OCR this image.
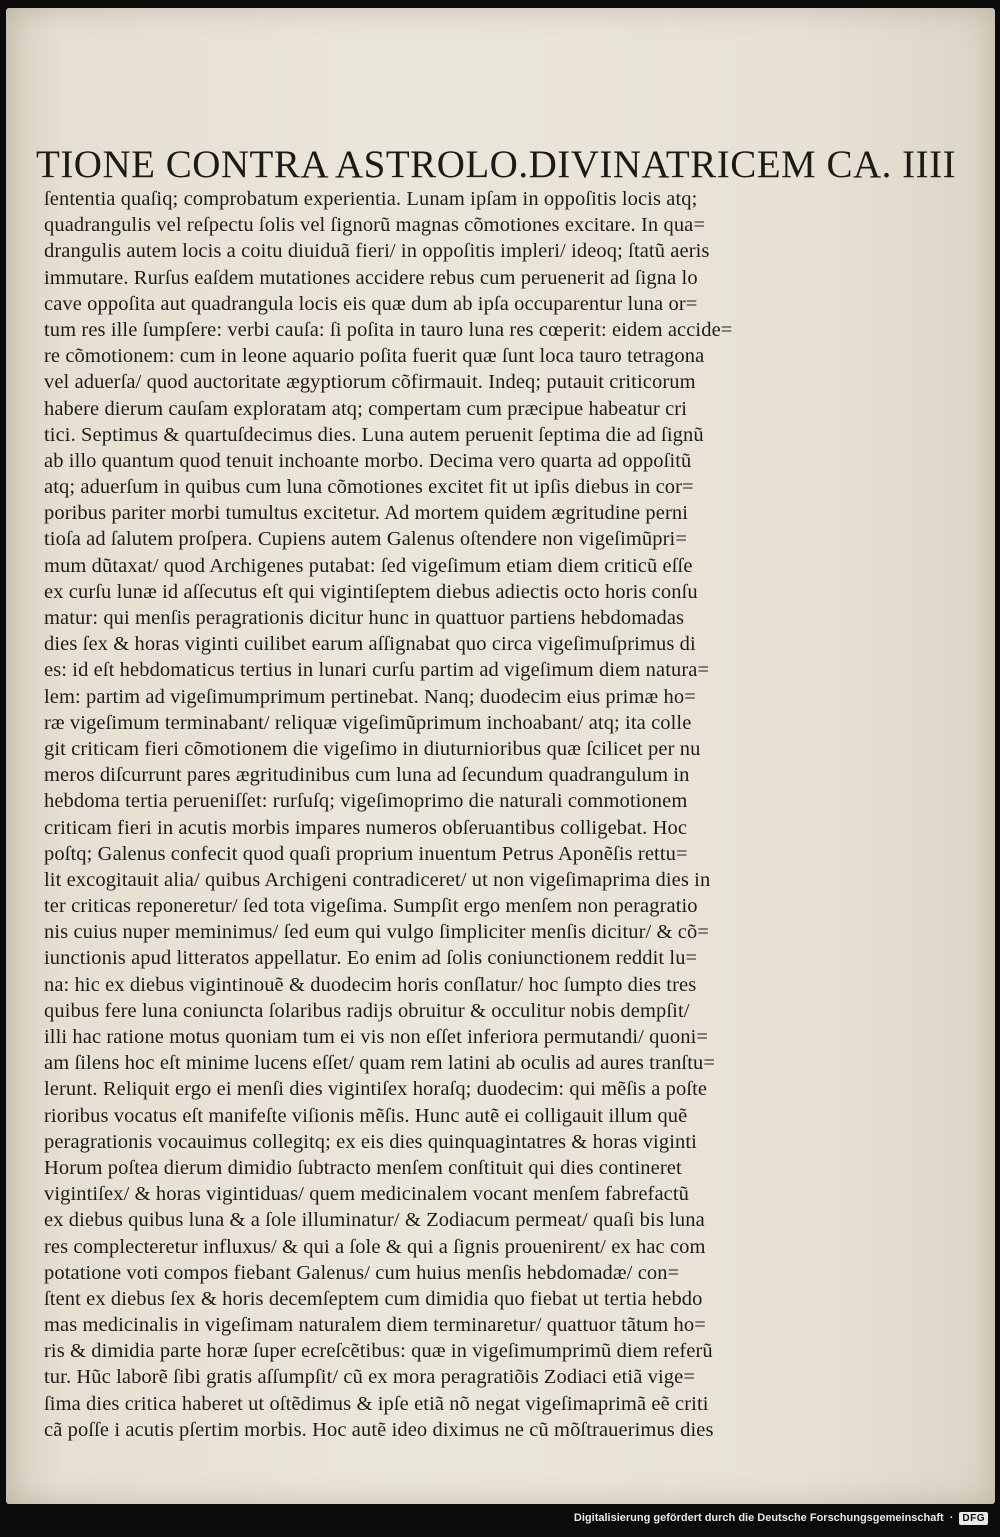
TIONE CONTRA ASTROLO.DIVINATRICEM CA. IIII
ſententia quaſiq; comprobatum experientia. Lunam ipſam in oppoſitis locis atq;
quadrangulis vel reſpectu ſolis vel ſignorũ magnas cõmotiones excitare. In qua=
drangulis autem locis a coitu diuiduã fieri/ in oppoſitis impleri/ ideoq; ſtatũ aeris
immutare. Rurſus eaſdem mutationes accidere rebus cum peruenerit ad ſigna lo
cave oppoſita aut quadrangula locis eis quæ dum ab ipſa occuparentur luna or=
tum res ille ſumpſere: verbi cauſa: ſi poſita in tauro luna res cœperit: eidem accide=
re cõmotionem: cum in leone aquario poſita fuerit quæ ſunt loca tauro tetragona
vel aduerſa/ quod auctoritate ægyptiorum cõfirmauit. Indeq; putauit criticorum
habere dierum cauſam exploratam atq; compertam cum præcipue habeatur cri
tici. Septimus & quartuſdecimus dies. Luna autem peruenit ſeptima die ad ſignũ
ab illo quantum quod tenuit inchoante morbo. Decima vero quarta ad oppoſitũ
atq; aduerſum in quibus cum luna cõmotiones excitet fit ut ipſis diebus in cor=
poribus pariter morbi tumultus excitetur. Ad mortem quidem ægritudine perni
tioſa ad ſalutem proſpera. Cupiens autem Galenus oſtendere non vigeſimũpri=
mum dũtaxat/ quod Archigenes putabat: ſed vigeſimum etiam diem criticũ eſſe
ex curſu lunæ id aſſecutus eſt qui vigintiſeptem diebus adiectis octo horis conſu
matur: qui menſis peragrationis dicitur hunc in quattuor partiens hebdomadas
dies ſex & horas viginti cuilibet earum aſſignabat quo circa vigeſimuſprimus di
es: id eſt hebdomaticus tertius in lunari curſu partim ad vigeſimum diem natura=
lem: partim ad vigeſimumprimum pertinebat. Nanq; duodecim eius primæ ho=
ræ vigeſimum terminabant/ reliquæ vigeſimũprimum inchoabant/ atq; ita colle
git criticam fieri cõmotionem die vigeſimo in diuturnioribus quæ ſcilicet per nu
meros diſcurrunt pares ægritudinibus cum luna ad ſecundum quadrangulum in
hebdoma tertia perueniſſet: rurſuſq; vigeſimoprimo die naturali commotionem
criticam fieri in acutis morbis impares numeros obſeruantibus colligebat. Hoc
poſtq; Galenus confecit quod quaſi proprium inuentum Petrus Aponẽſis rettu=
lit excogitauit alia/ quibus Archigeni contradiceret/ ut non vigeſimaprima dies in
ter criticas reponeretur/ ſed tota vigeſima. Sumpſit ergo menſem non peragratio
nis cuius nuper meminimus/ ſed eum qui vulgo ſimpliciter menſis dicitur/ & cõ=
iunctionis apud litteratos appellatur. Eo enim ad ſolis coniunctionem reddit lu=
na: hic ex diebus vigintinouẽ & duodecim horis conſlatur/ hoc ſumpto dies tres
quibus fere luna coniuncta ſolaribus radijs obruitur & occulitur nobis dempſit/
illi hac ratione motus quoniam tum ei vis non eſſet inferiora permutandi/ quoni=
am ſilens hoc eſt minime lucens eſſet/ quam rem latini ab oculis ad aures tranſtu=
lerunt. Reliquit ergo ei menſi dies vigintiſex horaſq; duodecim: qui mẽſis a poſte
rioribus vocatus eſt manifeſte viſionis mẽſis. Hunc autẽ ei colligauit illum quẽ
peragrationis vocauimus collegitq; ex eis dies quinquagintatres & horas viginti
Horum poſtea dierum dimidio ſubtracto menſem conſtituit qui dies contineret
vigintiſex/ & horas vigintiduas/ quem medicinalem vocant menſem fabrefactũ
ex diebus quibus luna & a ſole illuminatur/ & Zodiacum permeat/ quaſi bis luna
res complecteretur influxus/ & qui a ſole & qui a ſignis prouenirent/ ex hac com
potatione voti compos fiebant Galenus/ cum huius menſis hebdomadæ/ con=
ſtent ex diebus ſex & horis decemſeptem cum dimidia quo fiebat ut tertia hebdo
mas medicinalis in vigeſimam naturalem diem terminaretur/ quattuor tãtum ho=
ris & dimidia parte horæ ſuper ecreſcẽtibus: quæ in vigeſimumprimũ diem referũ
tur. Hũc laborẽ ſibi gratis aſſumpſit/ cũ ex mora peragratiõis Zodiaci etiã vige=
ſima dies critica haberet ut oſtẽdimus & ipſe etiã nõ negat vigeſimaprimã eẽ criti
cã poſſe i acutis pſertim morbis. Hoc autẽ ideo diximus ne cũ mõſtrauerimus dies
Digitalisierung gefördert durch die Deutsche Forschungsgemeinschaft · DFG
